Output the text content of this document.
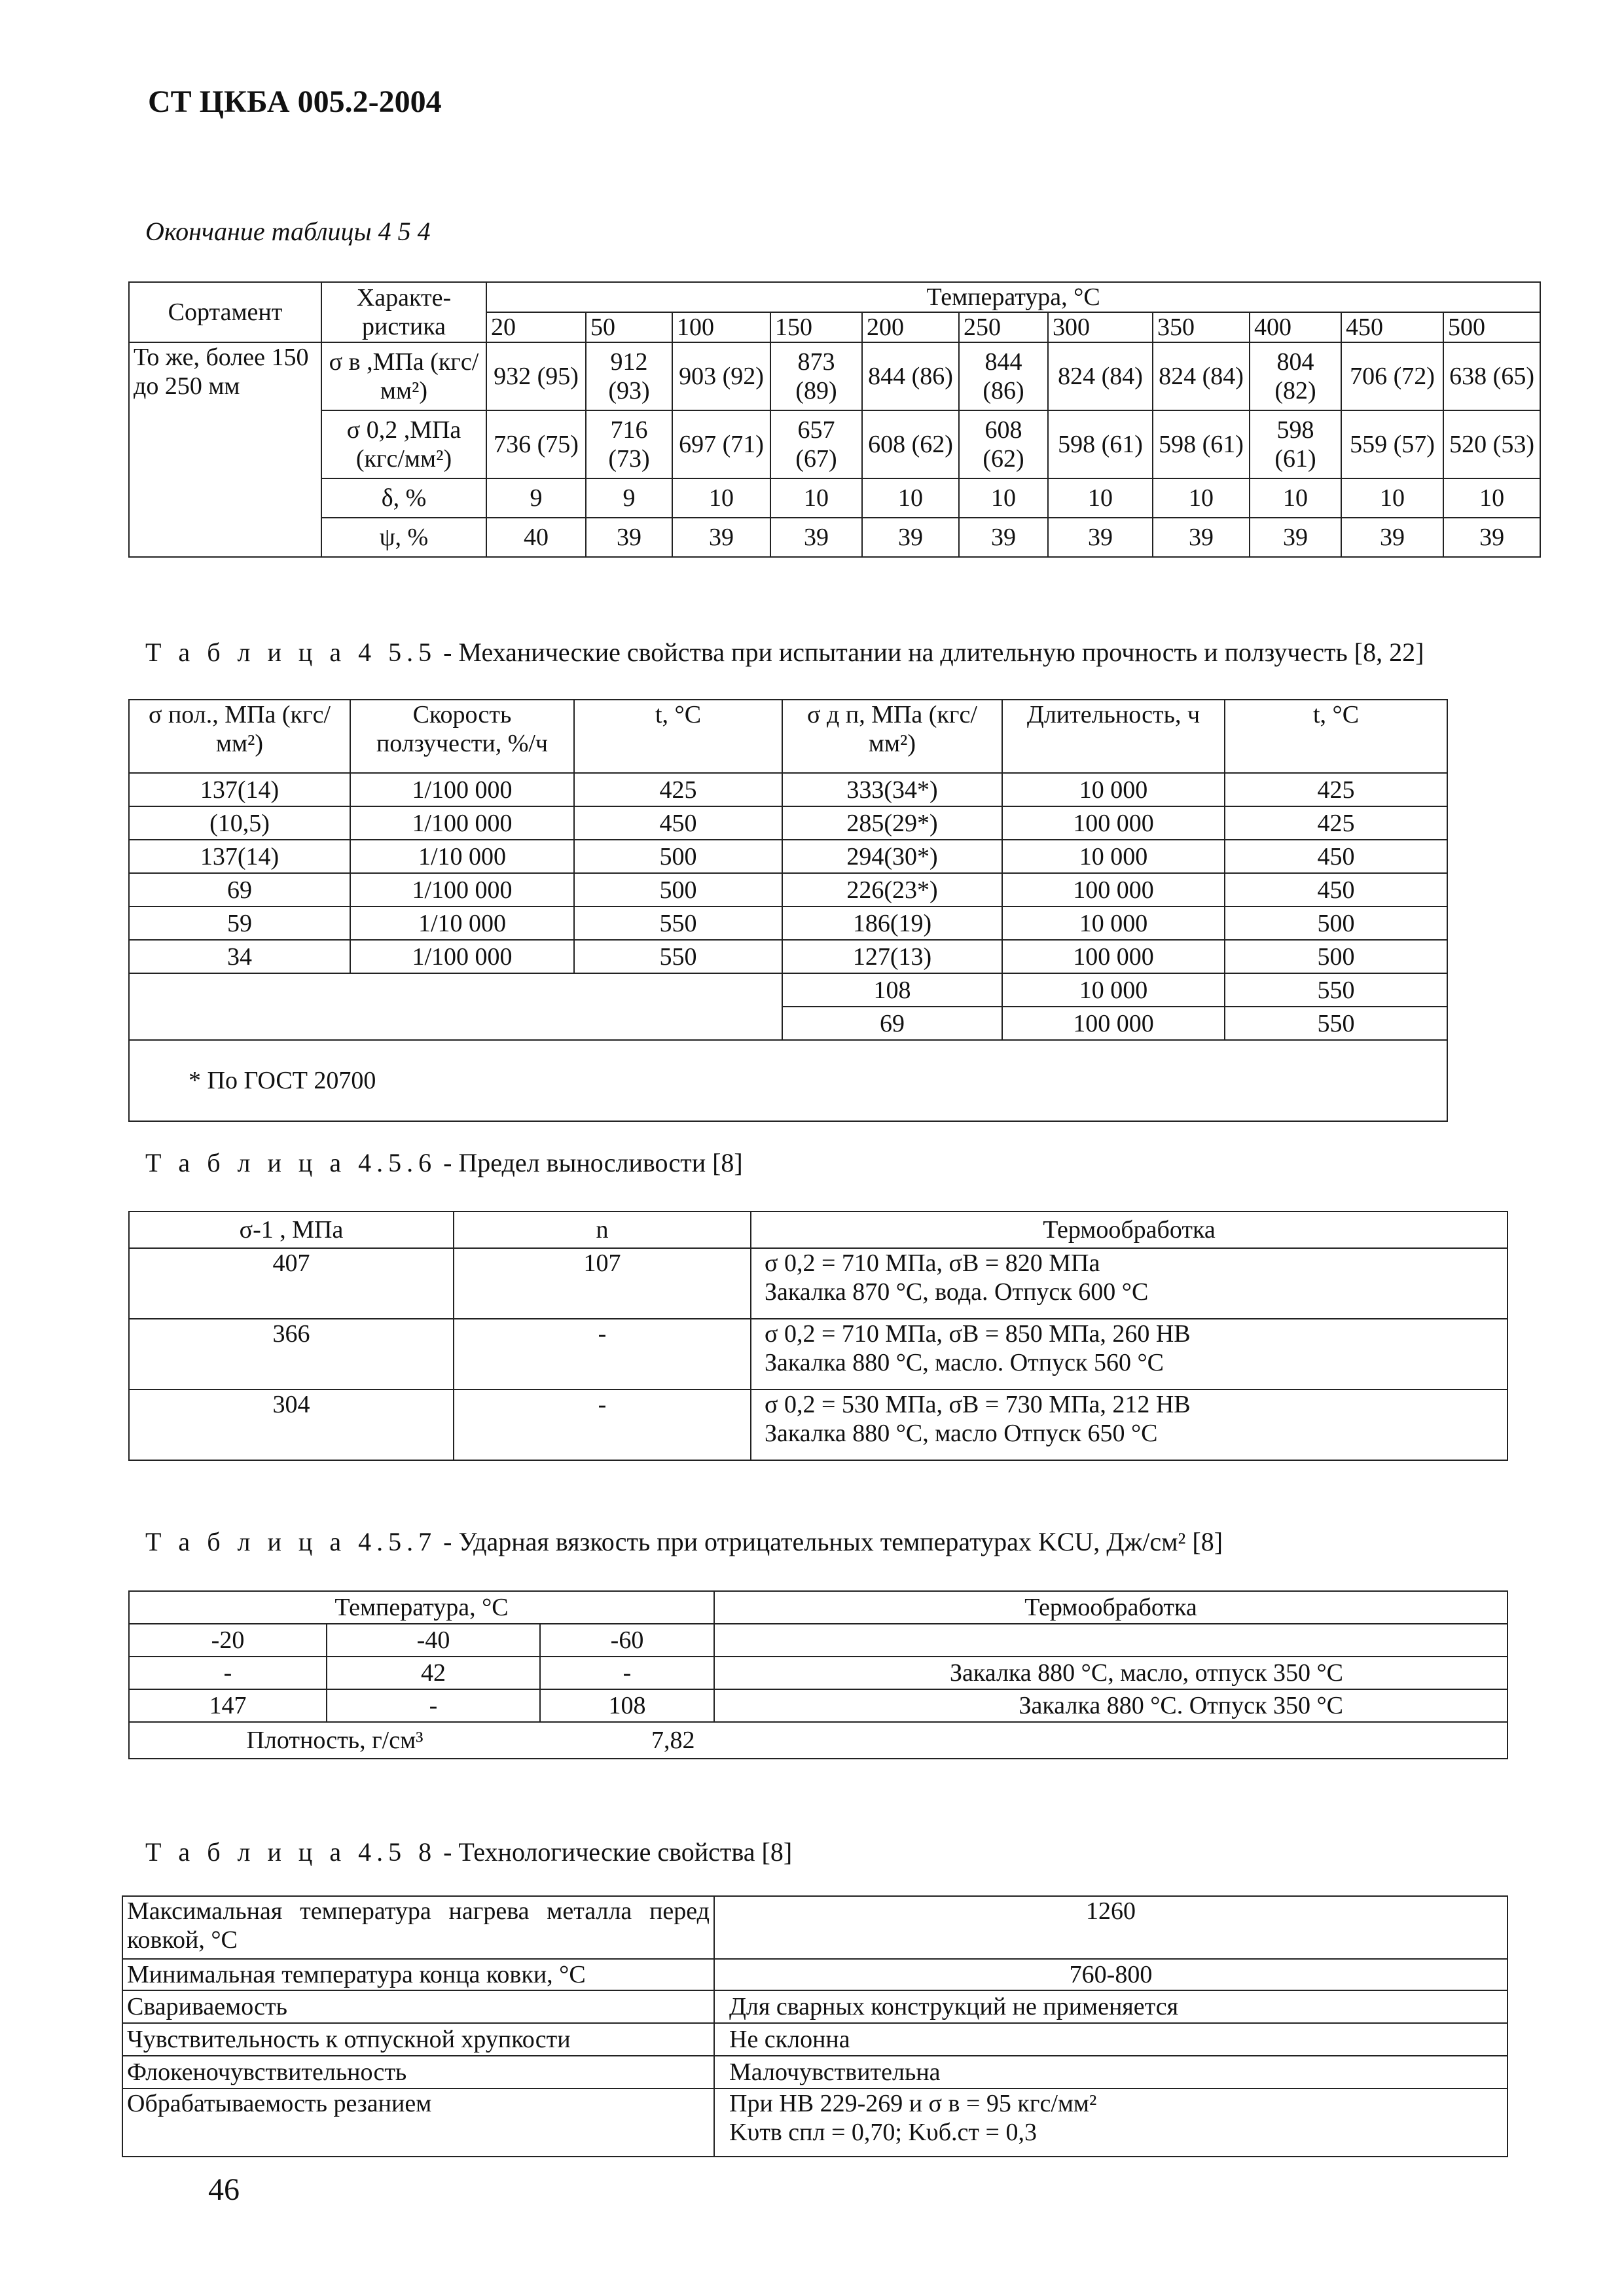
СТ ЦКБА 005.2-2004
Окончание таблицы 4 5 4
Сортамент	Характе-ристика	Температура, °С										
		20	50	100	150	200	250	300	350	400	450	500
То же, более 150 до 250 мм	σ в ,МПа (кгс/мм²)	932 (95)	912 (93)	903 (92)	873 (89)	844 (86)	844 (86)	824 (84)	824 (84)	804 (82)	706 (72)	638 (65)
	σ 0,2 ,МПа (кгс/мм²)	736 (75)	716 (73)	697 (71)	657 (67)	608 (62)	608 (62)	598 (61)	598 (61)	598 (61)	559 (57)	520 (53)
	δ, %	9	9	10	10	10	10	10	10	10	10	10
	ψ, %	40	39	39	39	39	39	39	39	39	39	39
Т а б л и ц а 4 5.5 - Механические свойства при испытании на длительную прочность и ползучесть [8, 22]
σ пол., МПа (кгс/мм²)	Скорость ползучести, %/ч	t, °С	σ д п, МПа (кгс/мм²)	Длительность, ч	t, °С
137(14)	1/100 000	425	333(34*)	10 000	425
(10,5)	1/100 000	450	285(29*)	100 000	425
137(14)	1/10 000	500	294(30*)	10 000	450
69	1/100 000	500	226(23*)	100 000	450
59	1/10 000	550	186(19)	10 000	500
34	1/100 000	550	127(13)	100 000	500
			108	10 000	550
			69	100 000	550
* По ГОСТ 20700					
Т а б л и ц а 4.5.6 - Предел выносливости [8]
σ-1 , МПа	n	Термообработка
407	107	σ 0,2 = 710 МПа, σВ = 820 МПа
Закалка 870 °С, вода. Отпуск 600 °С

366	-	σ 0,2 = 710 МПа, σВ = 850 МПа, 260 НВ
Закалка 880 °С, масло. Отпуск 560 °С

304	-	σ 0,2 = 530 МПа, σВ = 730 МПа, 212 НВ
Закалка 880 °С, масло Отпуск 650 °С
Т а б л и ц а 4.5.7 - Ударная вязкость при отрицательных температурах KCU, Дж/см² [8]
Температура, °С			Термообработка
-20	-40	-60	
-	42	-	Закалка 880 °С, масло, отпуск 350 °С
147	-	108	Закалка 880 °С. Отпуск 350 °С
Плотность, г/см³		7,82	
Т а б л и ц а 4.5 8 - Технологические свойства [8]
Максимальная температура нагрева металла перед ковкой, °С	1260
Минимальная температура конца ковки, °С	760-800
Свариваемость	Для сварных конструкций не применяется
Чувствительность к отпускной хрупкости	Не склонна
Флокеночувствительность	Малочувствительна
Обрабатываемость резанием	При НВ 229-269 и σ в = 95 кгс/мм²
Kυтв спл = 0,70; Kυб.ст = 0,3
46
